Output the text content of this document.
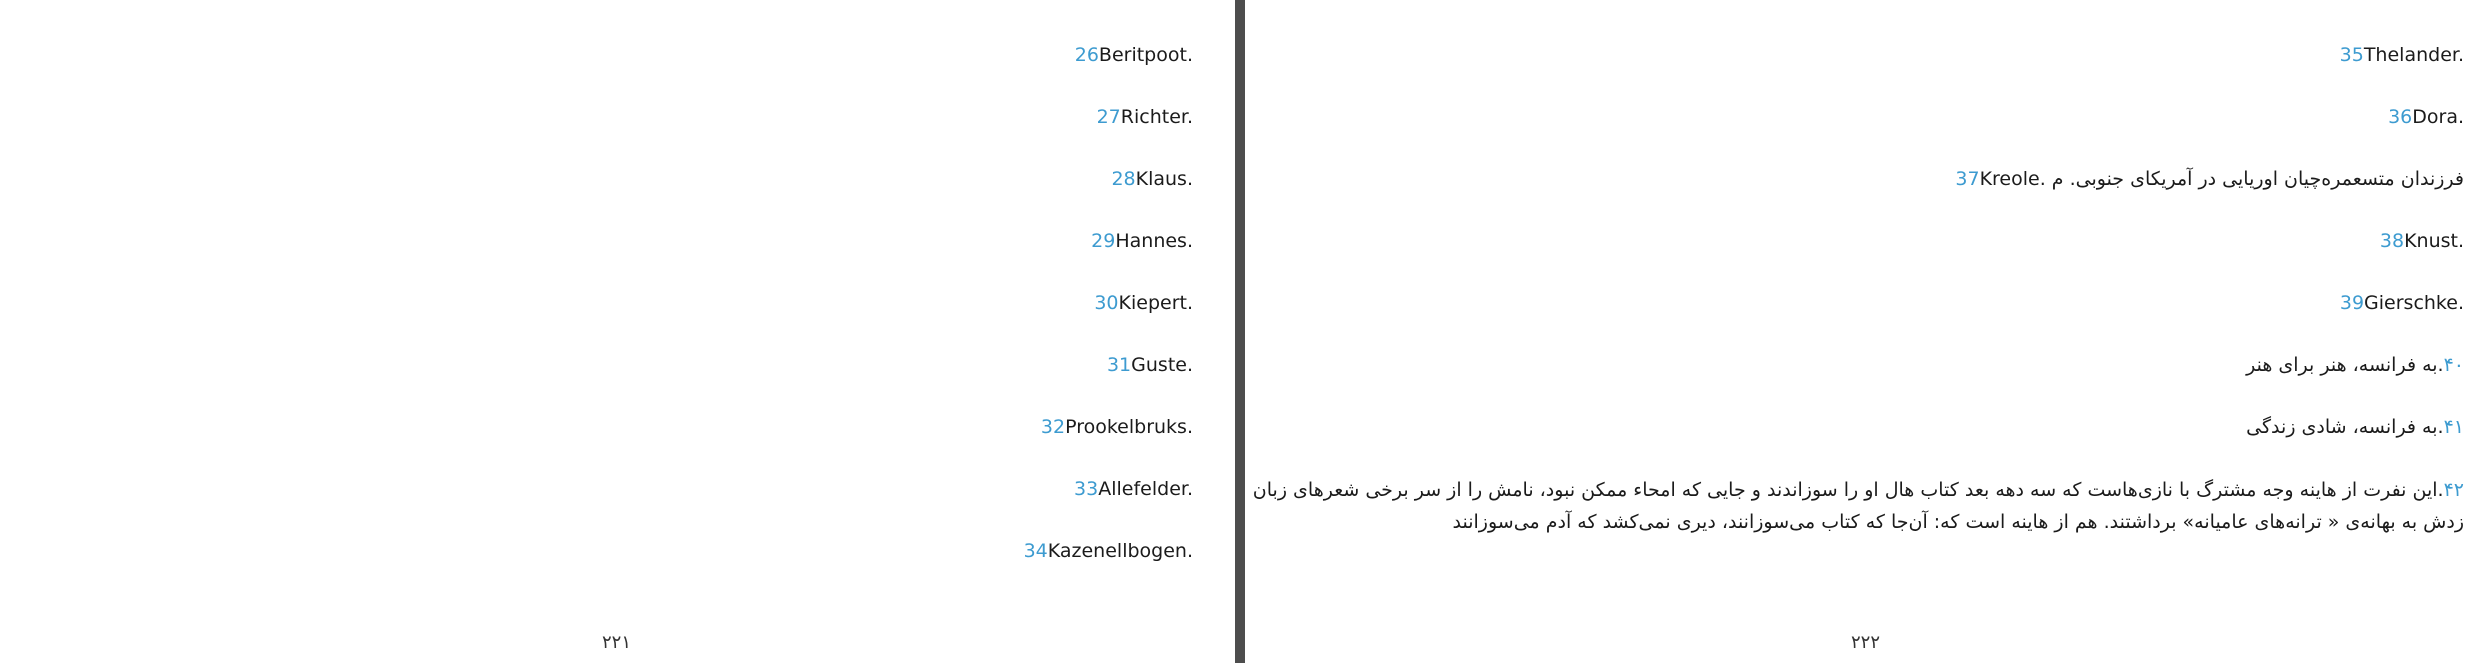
26Beritpoot.
27Richter.
28Klaus.
29Hannes.
30Kiepert.
31Guste.
32Prookelbruks.
33Allefelder.
34Kazenellbogen.
۲۲۱
35Thelander.
36Dora.
37Kreole. فرزندان متسعمره‌چیان اوریایی در آمریکای جنوبی. م
38Knust.
39Gierschke.
۴۰.به فرانسه، هنر برای هنر
۴۱.به فرانسه، شادی زندگی
۴۲.این نفرت از هاینه وجه مشترگ با نازی‌هاست که سه دهه بعد کتاب هال او را سوزاندند و جایی که امحاء ممکن نبود، نامش را از سر برخی شعرهای زبان زدش به بهانه‌ی « ترانه‌های عامیانه» برداشتند. هم از هاینه است که: آن‌جا که کتاب می‌سوزانند، دیری نمی‌کشد که آدم می‌سوزانند
۲۲۲
